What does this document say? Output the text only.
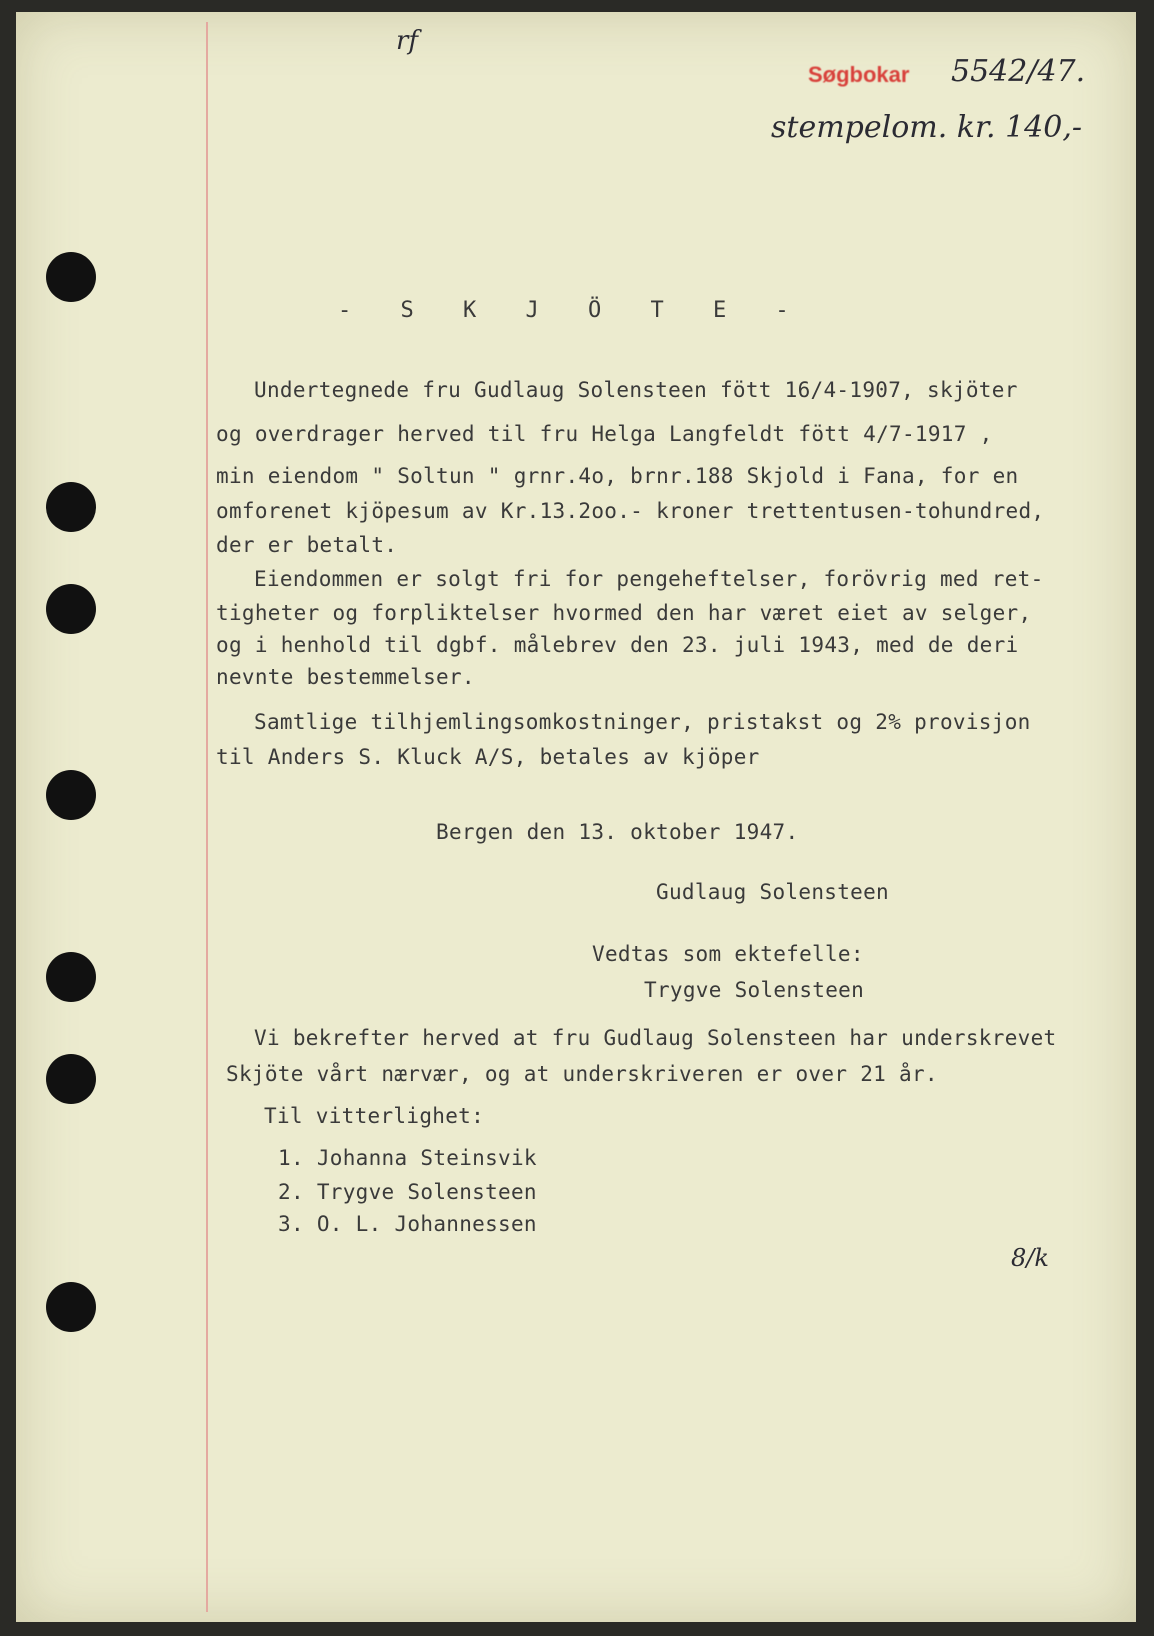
rf
Søgbokar 5542/47.
stempelom. kr. 140,-
- S K J Ö T E -
Undertegnede fru Gudlaug Solensteen fött 16/4-1907, skjöter
og overdrager herved til fru Helga Langfeldt fött 4/7-1917 ,
min eiendom " Soltun " grnr.4o, brnr.188 Skjold i Fana, for en
omforenet kjöpesum av Kr.13.2oo.- kroner trettentusen-tohundred,
der er betalt.
Eiendommen er solgt fri for pengeheftelser, forövrig med ret-
tigheter og forpliktelser hvormed den har været eiet av selger,
og i henhold til dgbf. målebrev den 23. juli 1943, med de deri
nevnte bestemmelser.
Samtlige tilhjemlingsomkostninger, pristakst og 2% provisjon
til Anders S. Kluck A/S, betales av kjöper
Bergen den 13. oktober 1947.
Gudlaug Solensteen
Vedtas som ektefelle:
Trygve Solensteen
Vi bekrefter herved at fru Gudlaug Solensteen har underskrevet
Skjöte vårt nærvær, og at underskriveren er over 21 år.
Til vitterlighet:
1. Johanna Steinsvik
2. Trygve Solensteen
3. O. L. Johannessen
8/k
